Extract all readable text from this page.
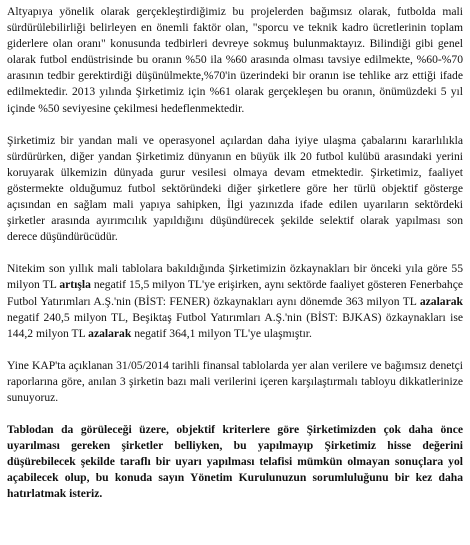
Altyapıya yönelik olarak gerçekleştirdiğimiz bu projelerden bağımsız olarak, futbolda mali sürdürülebilirliği belirleyen en önemli faktör olan, "sporcu ve teknik kadro ücretlerinin toplam giderlere olan oranı" konusunda tedbirleri devreye sokmuş bulunmaktayız. Bilindiği gibi genel olarak futbol endüstrisinde bu oranın %50 ila %60 arasında olması tavsiye edilmekte, %60-%70 arasının tedbir gerektirdiği düşünülmekte,%70'in üzerindeki bir oranın ise tehlike arz ettiği ifade edilmektedir. 2013 yılında Şirketimiz için %61 olarak gerçekleşen bu oranın, önümüzdeki 5 yıl içinde %50 seviyesine çekilmesi hedeflenmektedir.

Şirketimiz bir yandan mali ve operasyonel açılardan daha iyiye ulaşma çabalarını kararlılıkla sürdürürken, diğer yandan Şirketimiz dünyanın en büyük ilk 20 futbol kulübü arasındaki yerini koruyarak ülkemizin dünyada gurur vesilesi olmaya devam etmektedir. Şirketimiz, faaliyet göstermekte olduğumuz futbol sektöründeki diğer şirketlere göre her türlü objektif gösterge açısından en sağlam mali yapıya sahipken, İlgi yazınızda ifade edilen uyarıların sektördeki şirketler arasında ayırımcılık yapıldığını düşündürecek şekilde selektif olarak yapılması son derece düşündürücüdür.

Nitekim son yıllık mali tablolara bakıldığında Şirketimizin özkaynakları bir önceki yıla göre 55 milyon TL artışla negatif 15,5 milyon TL'ye erişirken, aynı sektörde faaliyet gösteren Fenerbahçe Futbol Yatırımları A.Ş.'nin (BİST: FENER) özkaynakları aynı dönemde 363 milyon TL azalarak negatif 240,5 milyon TL, Beşiktaş Futbol Yatırımları A.Ş.'nin (BİST: BJKAS) özkaynakları ise 144,2 milyon TL azalarak negatif 364,1 milyon TL'ye ulaşmıştır.

Yine KAP'ta açıklanan 31/05/2014 tarihli finansal tablolarda yer alan verilere ve bağımsız denetçi raporlarına göre, anılan 3 şirketin bazı mali verilerini içeren karşılaştırmalı tabloyu dikkatlerinize sunuyoruz.

Tablodan da görüleceği üzere, objektif kriterlere göre Şirketimizden çok daha önce uyarılması gereken şirketler belliyken, bu yapılmayıp Şirketimiz hisse değerini düşürebilecek şekilde taraflı bir uyarı yapılması telafisi mümkün olmayan sonuçlara yol açabilecek olup, bu konuda sayın Yönetim Kurulunuzun sorumluluğunu bir kez daha hatırlatmak isteriz.
